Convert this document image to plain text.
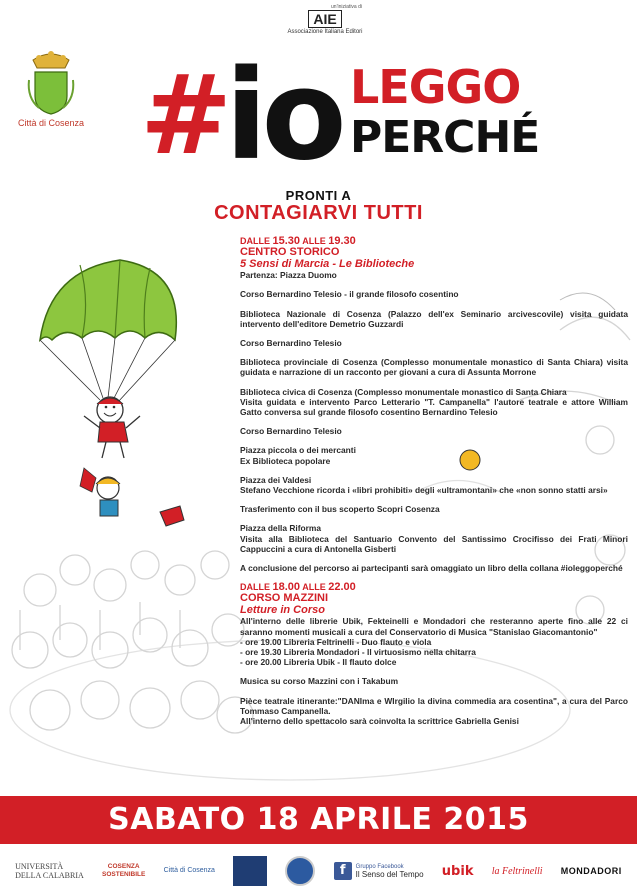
un'iniziativa di
AIE
Associazione Italiana Editori
Città di Cosenza #
io LEGGO
PERCHÉ
PRONTI A
CONTAGIARVI TUTTI

DALLE 15.30 ALLE 19.30

CENTRO STORICO

5 Sensi di Marcia - Le Biblioteche

Partenza: Piazza Duomo

Corso Bernardino Telesio - il grande filosofo cosentino

Biblioteca Nazionale di Cosenza (Palazzo dell'ex Seminario arcivescovile) visita guidata intervento dell'editore Demetrio Guzzardi

Corso Bernardino Telesio

Biblioteca provinciale di Cosenza (Complesso monumentale monastico di Santa Chiara) visita guidata e narrazione di un racconto per giovani a cura di Assunta Morrone

Biblioteca civica di Cosenza (Complesso monumentale monastico di Santa Chiara

Visita guidata e intervento Parco Letterario "T. Campanella" l'autore teatrale e attore William Gatto conversa sul grande filosofo cosentino Bernardino Telesio

Corso Bernardino Telesio

Piazza piccola o dei mercanti

Ex Biblioteca popolare

Piazza dei Valdesi

Stefano Vecchione ricorda i «libri prohibiti» degli «ultramontani» che «non sonno statti arsi»

Trasferimento con il bus scoperto Scopri Cosenza

Piazza della Riforma

Visita alla Biblioteca del Santuario Convento del Santissimo Crocifisso dei Frati Minori Cappuccini a cura di Antonella Gisberti

A conclusione del percorso ai partecipanti sarà omaggiato un libro della collana #ioleggoperché

DALLE 18.00 ALLE 22.00

CORSO MAZZINI

Letture in Corso

All'interno delle librerie Ubik, Fekteinelli e Mondadori che resteranno aperte fino alle 22 ci saranno momenti musicali a cura del Conservatorio di Musica "Stanislao Giacomantonio"

- ore 19.00 Libreria Feltrinelli - Duo flauto e viola

- ore 19.30 Libreria Mondadori - Il virtuosismo nella chitarra

- ore 20.00 Libreria Ubik - Il flauto dolce

Musica su corso Mazzini con i Takabum

Pièce teatrale itinerante:"DANIma e WIrgilio la divina commedia ara cosentina", a cura del Parco Tommaso Campanella.

All'interno dello spettacolo sarà coinvolta la scrittrice Gabriella Genisi

SABATO 18 APRILE 2015
UNIVERSITÀ
DELLA CALABRIA
COSENZA
SOSTENIBILE
Città di Cosenza	f	Gruppo Facebook
Il Senso del Tempo ubik la Feltrinelli MONDADORI
